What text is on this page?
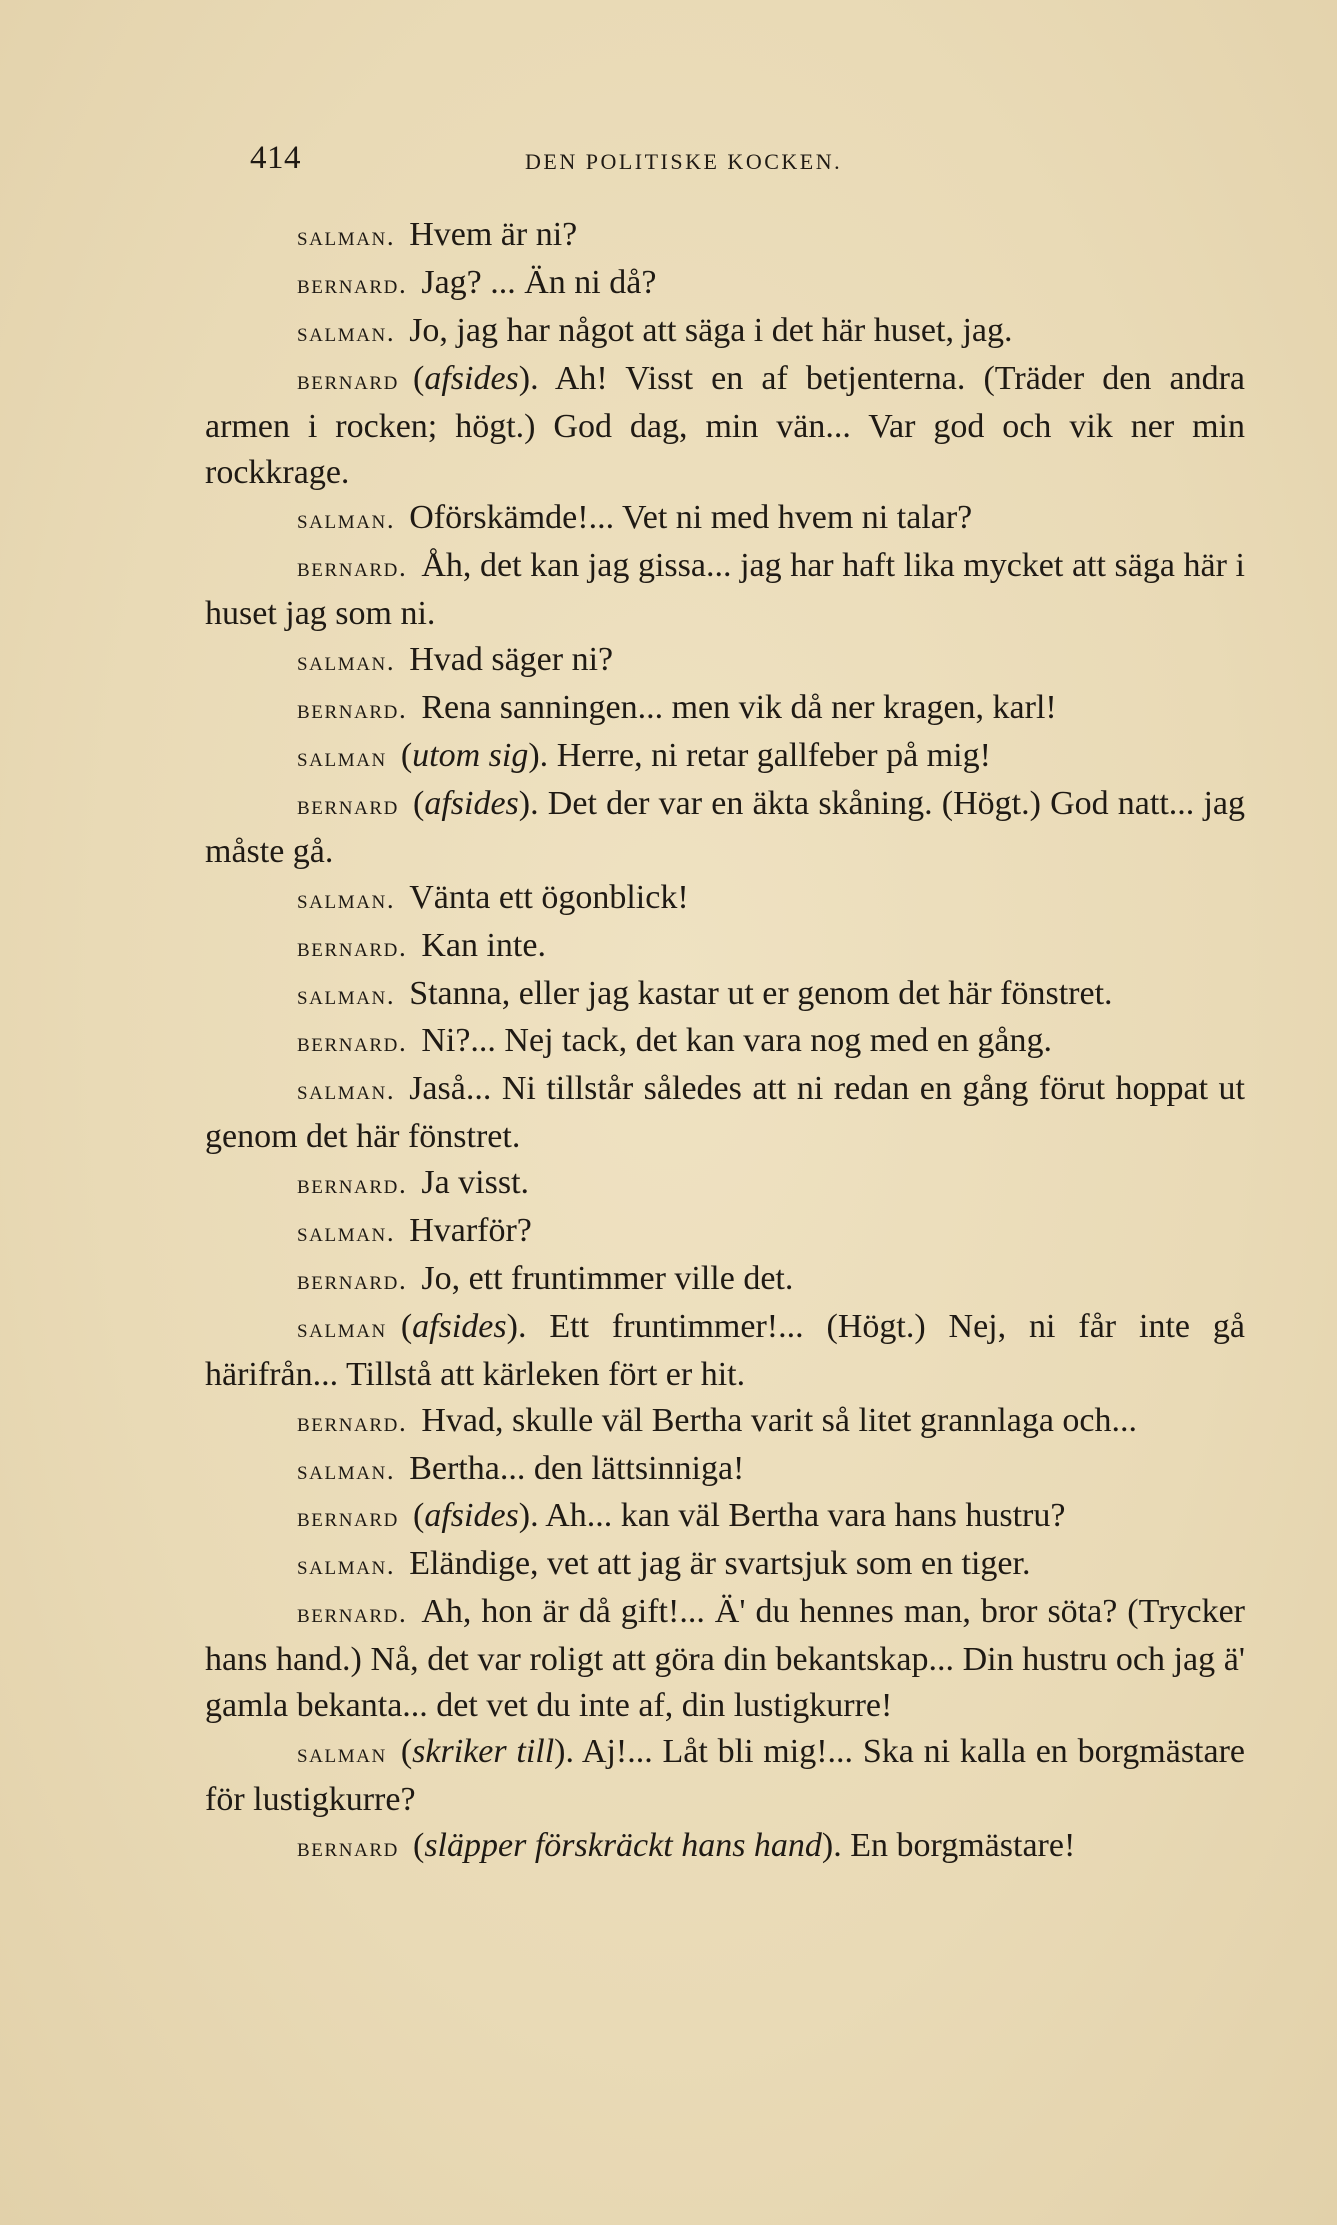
414	DEN POLITISKE KOCKEN.

salman. Hvem är ni?

bernard. Jag? ... Än ni då?

salman. Jo, jag har något att säga i det här huset, jag.

bernard (afsides). Ah! Visst en af betjenterna. (Träder den andra armen i rocken; högt.) God dag, min vän... Var god och vik ner min rockkrage.

salman. Oförskämde!... Vet ni med hvem ni talar?

bernard. Åh, det kan jag gissa... jag har haft lika mycket att säga här i huset jag som ni.

salman. Hvad säger ni?

bernard. Rena sanningen... men vik då ner kragen, karl!

salman (utom sig). Herre, ni retar gallfeber på mig!

bernard (afsides). Det der var en äkta skåning. (Högt.) God natt... jag måste gå.

salman. Vänta ett ögonblick!

bernard. Kan inte.

salman. Stanna, eller jag kastar ut er genom det här fönstret.

bernard. Ni?... Nej tack, det kan vara nog med en gång.

salman. Jaså... Ni tillstår således att ni redan en gång förut hoppat ut genom det här fönstret.

bernard. Ja visst.

salman. Hvarför?

bernard. Jo, ett fruntimmer ville det.

salman (afsides). Ett fruntimmer!... (Högt.) Nej, ni får inte gå härifrån... Tillstå att kärleken fört er hit.

bernard. Hvad, skulle väl Bertha varit så litet grannlaga och...

salman. Bertha... den lättsinniga!

bernard (afsides). Ah... kan väl Bertha vara hans hustru?

salman. Eländige, vet att jag är svartsjuk som en tiger.

bernard. Ah, hon är då gift!... Ä' du hennes man, bror söta? (Trycker hans hand.) Nå, det var roligt att göra din bekantskap... Din hustru och jag ä' gamla bekanta... det vet du inte af, din lustigkurre!

salman (skriker till). Aj!... Låt bli mig!... Ska ni kalla en borgmästare för lustigkurre?

bernard (släpper förskräckt hans hand). En borgmästare!
